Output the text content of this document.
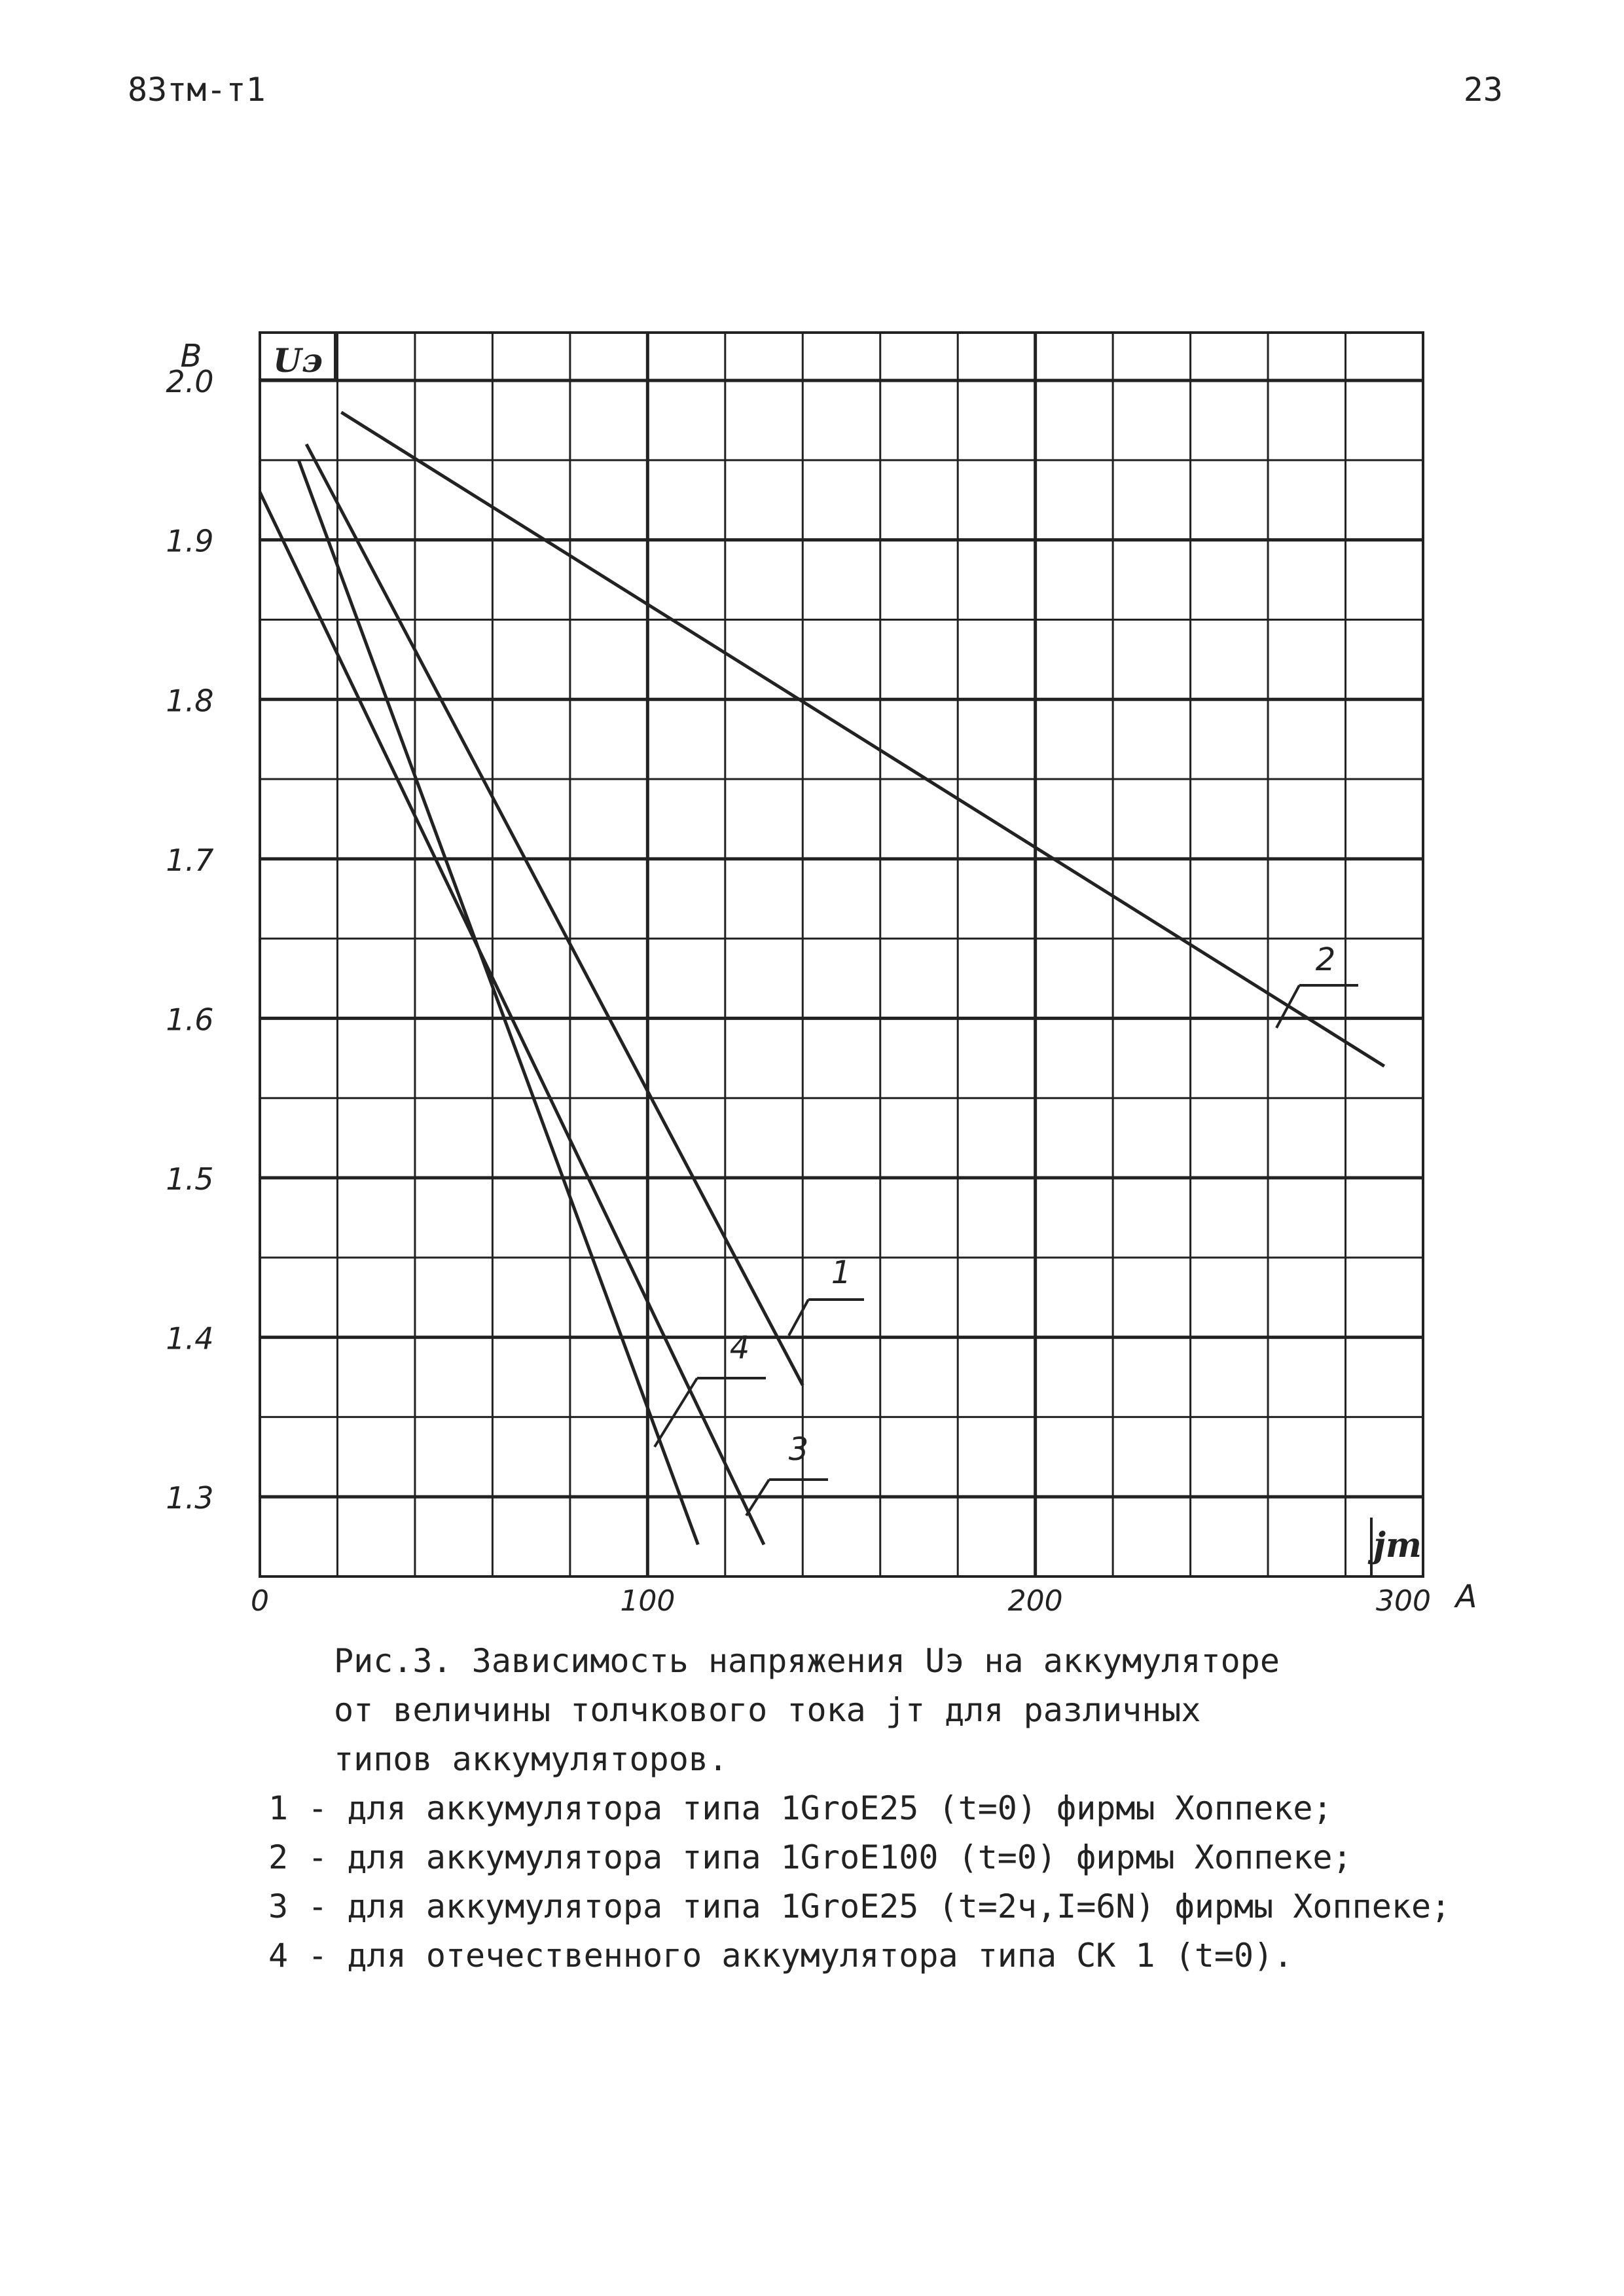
83тм-т1	23
2.0
1.9
1.8
1.7
1.6
1.5
1.4
1.3
0	100	200	300
1
2
3
4
В
А
Uэ
jт
Рис.3. Зависимость напряжения Uэ на аккумуляторе
от величины толчкового тока jт для различных
типов аккумуляторов.
1 - для аккумулятора типа 1GroE25 (t=0) фирмы Хоппеке;
2 - для аккумулятора типа 1GroE100 (t=0) фирмы Хоппеке;
3 - для аккумулятора типа 1GroE25 (t=2ч,I=6N) фирмы Хоппеке;
4 - для отечественного аккумулятора типа СК 1 (t=0).
